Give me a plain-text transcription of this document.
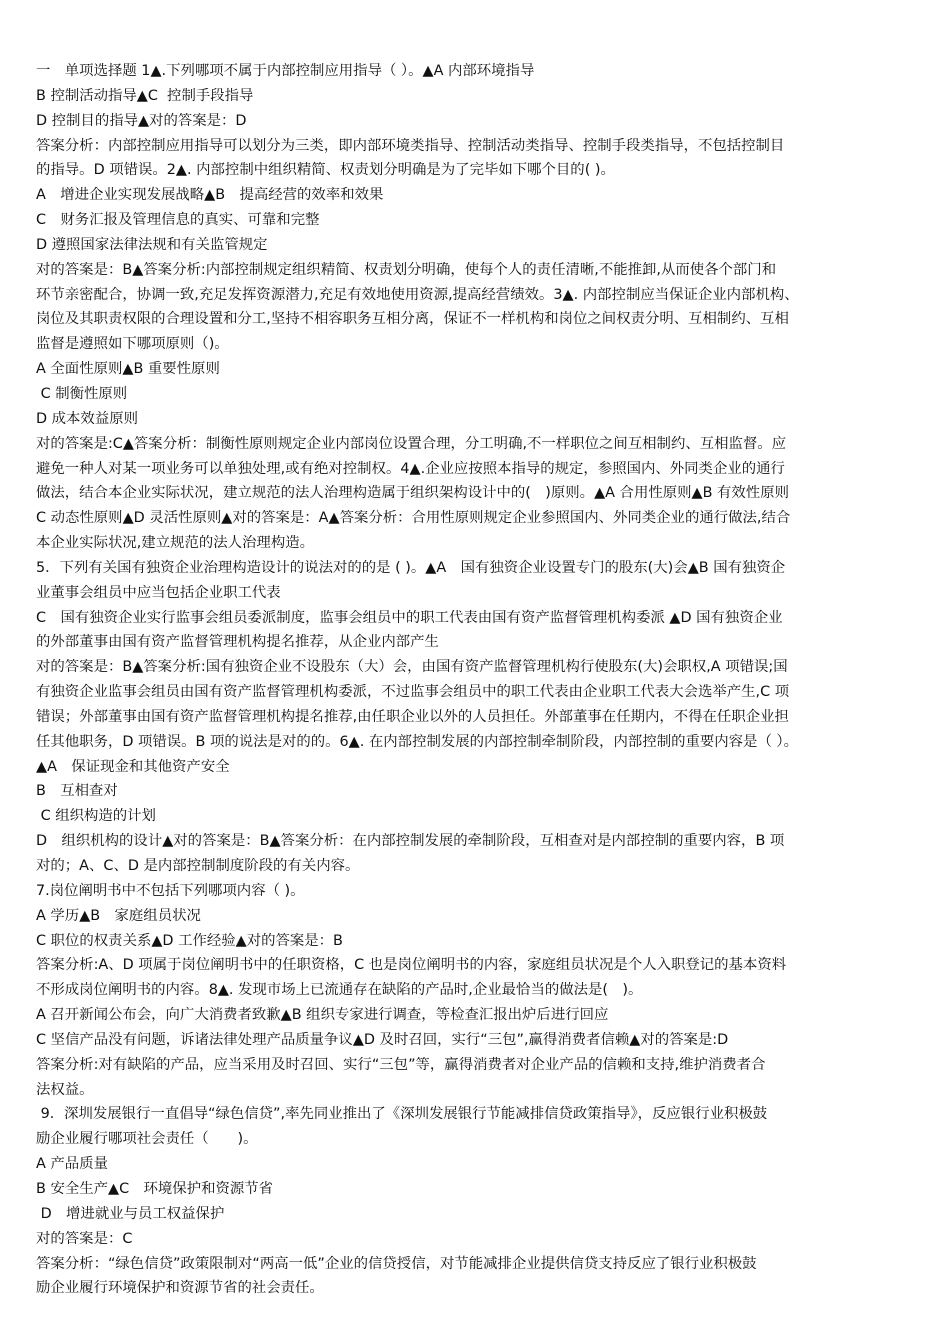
一　单项选择题 1▲.下列哪项不属于内部控制应用指导（ ）。▲A 内部环境指导
B 控制活动指导▲C  控制手段指导
D 控制目的指导▲对的答案是：D
答案分析：内部控制应用指导可以划分为三类，即内部环境类指导、控制活动类指导、控制手段类指导，不包括控制目
的指导。D 项错误。2▲. 内部控制中组织精简、权责划分明确是为了完毕如下哪个目的( )。
A　增进企业实现发展战略▲B　提高经营的效率和效果
C　财务汇报及管理信息的真实、可靠和完整
D 遵照国家法律法规和有关监管规定
对的答案是：B▲答案分析:内部控制规定组织精简、权责划分明确，使每个人的责任清晰,不能推卸,从而使各个部门和
环节亲密配合，协调一致,充足发挥资源潜力,充足有效地使用资源,提高经营绩效。3▲. 内部控制应当保证企业内部机构、
岗位及其职责权限的合理设置和分工,坚持不相容职务互相分离，保证不一样机构和岗位之间权责分明、互相制约、互相
监督是遵照如下哪项原则（)。
A 全面性原则▲B 重要性原则
C 制衡性原则
D 成本效益原则
对的答案是:C▲答案分析：制衡性原则规定企业内部岗位设置合理，分工明确,不一样职位之间互相制约、互相监督。应
避免一种人对某一项业务可以单独处理,或有绝对控制权。4▲.企业应按照本指导的规定，参照国内、外同类企业的通行
做法，结合本企业实际状况，建立规范的法人治理构造属于组织架构设计中的(　)原则。▲A 合用性原则▲B 有效性原则
C 动态性原则▲D 灵活性原则▲对的答案是：A▲答案分析：合用性原则规定企业参照国内、外同类企业的通行做法,结合
本企业实际状况,建立规范的法人治理构造。
5．下列有关国有独资企业治理构造设计的说法对的的是 ( )。▲A　国有独资企业设置专门的股东(大)会▲B 国有独资企
业董事会组员中应当包括企业职工代表
C　国有独资企业实行监事会组员委派制度，监事会组员中的职工代表由国有资产监督管理机构委派 ▲D 国有独资企业
的外部董事由国有资产监督管理机构提名推荐，从企业内部产生
对的答案是：B▲答案分析:国有独资企业不设股东（大）会，由国有资产监督管理机构行使股东(大)会职权,A 项错误;国
有独资企业监事会组员由国有资产监督管理机构委派，不过监事会组员中的职工代表由企业职工代表大会选举产生,C 项
错误；外部董事由国有资产监督管理机构提名推荐,由任职企业以外的人员担任。外部董事在任期内，不得在任职企业担
任其他职务，D 项错误。B 项的说法是对的的。6▲. 在内部控制发展的内部控制牵制阶段，内部控制的重要内容是（ ）。
▲A　保证现金和其他资产安全
B　互相查对
C 组织构造的计划
D　组织机构的设计▲对的答案是：B▲答案分析：在内部控制发展的牵制阶段，互相查对是内部控制的重要内容，B 项
对的；A、C、D 是内部控制制度阶段的有关内容。
7.岗位阐明书中不包括下列哪项内容（ )。
A 学历▲B　家庭组员状况
C 职位的权责关系▲D 工作经验▲对的答案是：B
答案分析:A、D 项属于岗位阐明书中的任职资格，C 也是岗位阐明书的内容，家庭组员状况是个人入职登记的基本资料
不形成岗位阐明书的内容。8▲. 发现市场上已流通存在缺陷的产品时,企业最恰当的做法是(　)。
A 召开新闻公布会，向广大消费者致歉▲B 组织专家进行调查，等检查汇报出炉后进行回应
C 坚信产品没有问题，诉诸法律处理产品质量争议▲D 及时召回，实行“三包”,赢得消费者信赖▲对的答案是:D
答案分析:对有缺陷的产品，应当采用及时召回、实行“三包”等，赢得消费者对企业产品的信赖和支持,维护消费者合
法权益。
9．深圳发展银行一直倡导“绿色信贷”,率先同业推出了《深圳发展银行节能减排信贷政策指导》，反应银行业积极鼓
励企业履行哪项社会责任（　　)。
A 产品质量
B 安全生产▲C　环境保护和资源节省
D　增进就业与员工权益保护
对的答案是：C
答案分析：“绿色信贷”政策限制对“两高一低”企业的信贷授信，对节能减排企业提供信贷支持反应了银行业积极鼓
励企业履行环境保护和资源节省的社会责任。
